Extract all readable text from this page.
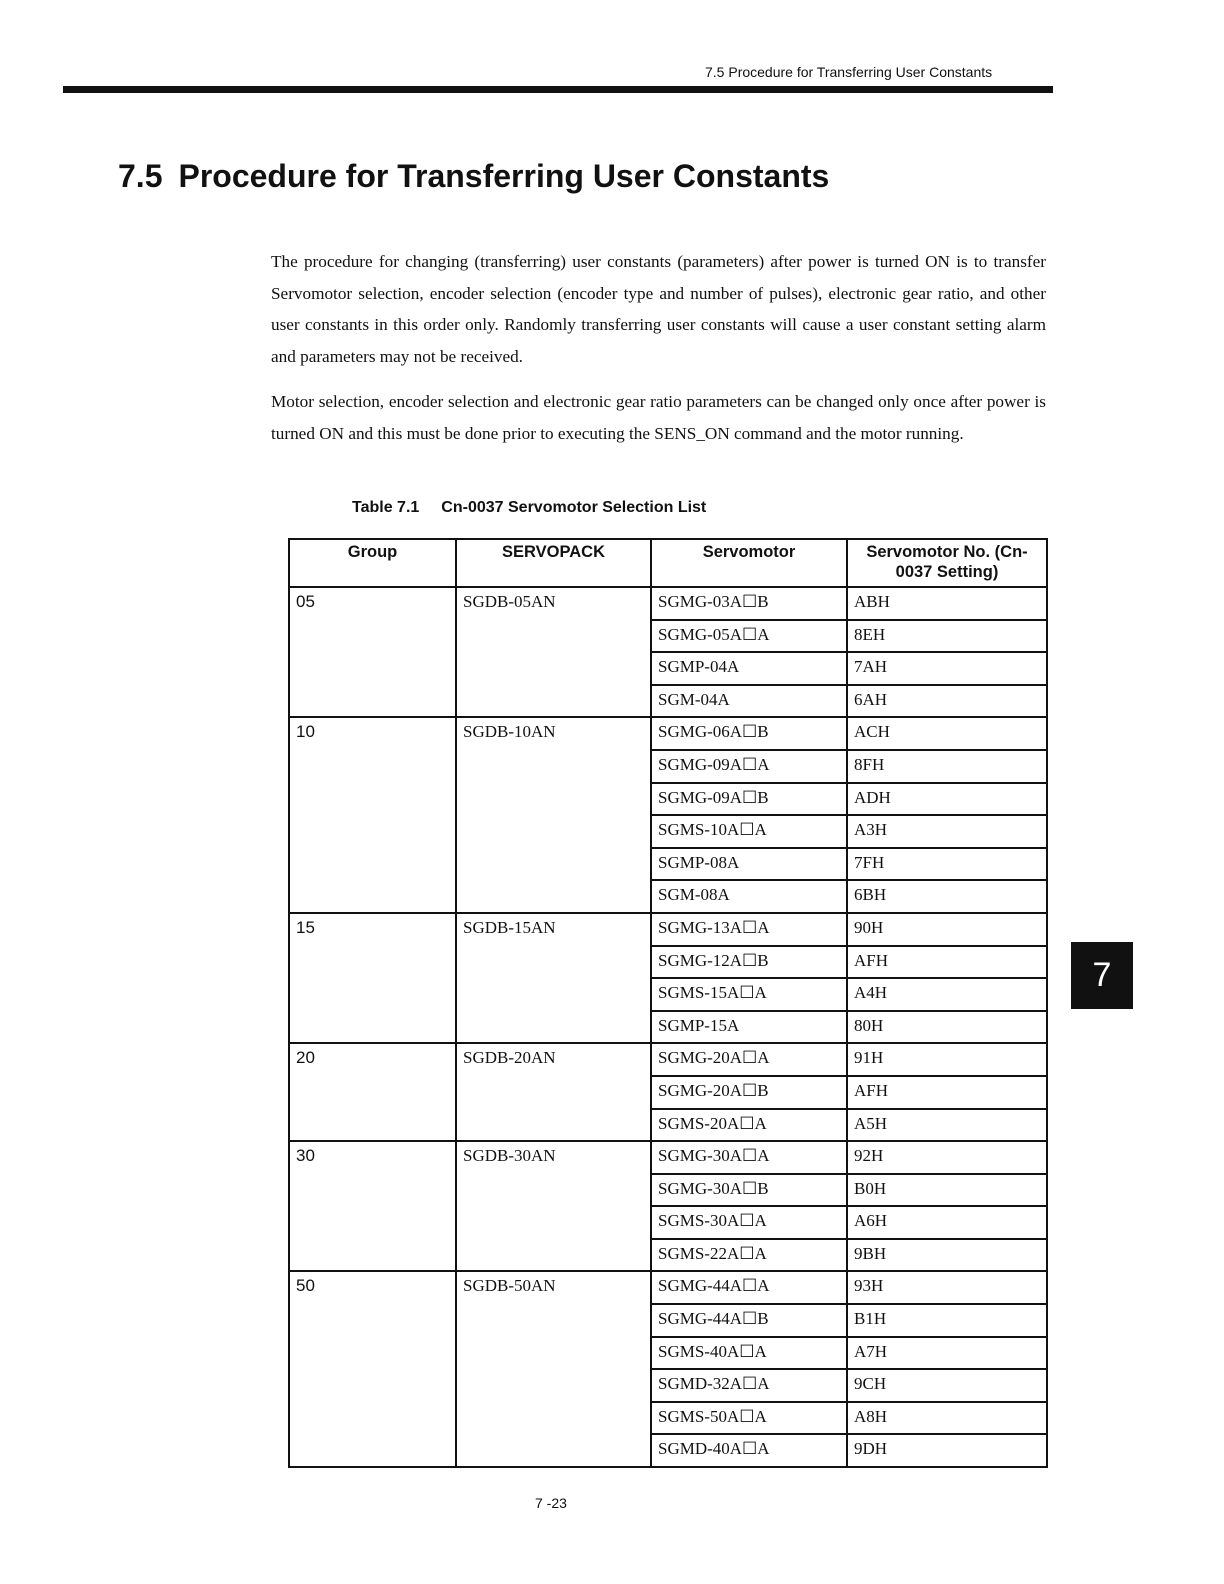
7.5 Procedure for Transferring User Constants
7.5 Procedure for Transferring User Constants

The procedure for changing (transferring) user constants (parameters) after power is turned ON is to transfer Servomotor selection, encoder selection (encoder type and number of pulses), electronic gear ratio, and other user constants in this order only. Randomly transferring user constants will cause a user constant setting alarm and parameters may not be received.

Motor selection, encoder selection and electronic gear ratio parameters can be changed only once after power is turned ON and this must be done prior to executing the SENS_ON command and the motor running.

Table 7.1 Cn-0037 Servomotor Selection List
Group	SERVOPACK	Servomotor	Servomotor No. (Cn-0037 Setting)
05	SGDB-05AN	SGMG-03A☐B	ABH
		SGMG-05A☐A	8EH
		SGMP-04A	7AH
		SGM-04A	6AH
10	SGDB-10AN	SGMG-06A☐B	ACH
		SGMG-09A☐A	8FH
		SGMG-09A☐B	ADH
		SGMS-10A☐A	A3H
		SGMP-08A	7FH
		SGM-08A	6BH
15	SGDB-15AN	SGMG-13A☐A	90H
		SGMG-12A☐B	AFH
		SGMS-15A☐A	A4H
		SGMP-15A	80H
20	SGDB-20AN	SGMG-20A☐A	91H
		SGMG-20A☐B	AFH
		SGMS-20A☐A	A5H
30	SGDB-30AN	SGMG-30A☐A	92H
		SGMG-30A☐B	B0H
		SGMS-30A☐A	A6H
		SGMS-22A☐A	9BH
50	SGDB-50AN	SGMG-44A☐A	93H
		SGMG-44A☐B	B1H
		SGMS-40A☐A	A7H
		SGMD-32A☐A	9CH
		SGMS-50A☐A	A8H
		SGMD-40A☐A	9DH
7
7 -23
